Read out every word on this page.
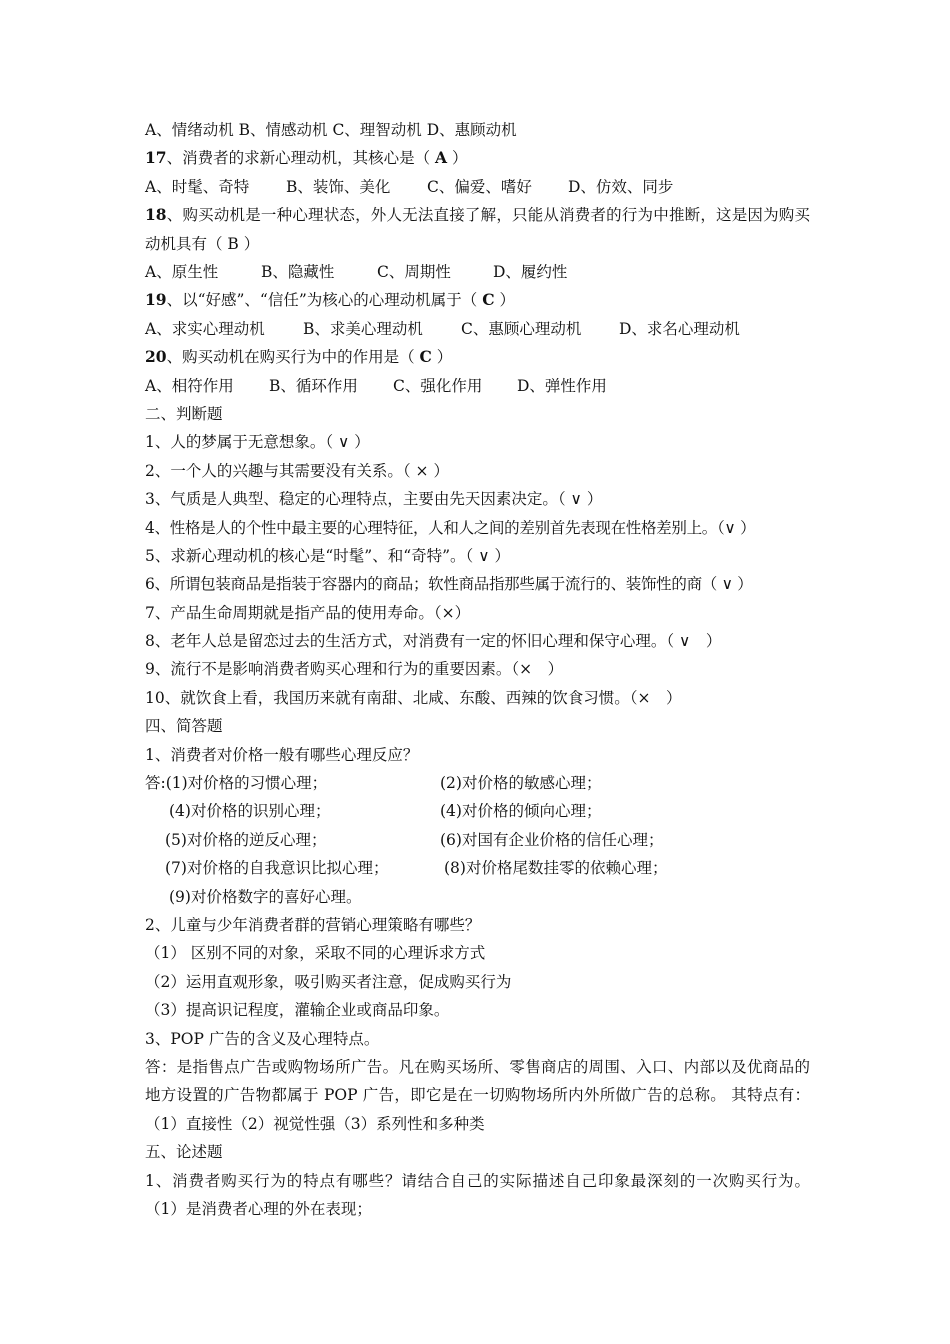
A、情绪动机 B、情感动机 C、理智动机 D、惠顾动机
17、消费者的求新心理动机，其核心是（ A ）
A、时髦、奇特 B、装饰、美化 C、偏爱、嗜好 D、仿效、同步
18、购买动机是一种心理状态，外人无法直接了解，只能从消费者的行为中推断，这是因为购买动机具有（ B ）
A、原生性	B、隐藏性	C、周期性	D、履约性
19、以“好感”、“信任”为核心的心理动机属于（ C ）
A、求实心理动机 B、求美心理动机 C、惠顾心理动机 D、求名心理动机
20、购买动机在购买行为中的作用是（ C ）
A、相符作用 B、循环作用 C、强化作用 D、弹性作用
二、判断题
1、人的梦属于无意想象。（ ∨ ）
2、一个人的兴趣与其需要没有关系。（ × ）
3、气质是人典型、稳定的心理特点，主要由先天因素决定。（ ∨ ）
4、性格是人的个性中最主要的心理特征，人和人之间的差别首先表现在性格差别上。（∨ ）
5、求新心理动机的核心是“时髦”、和“奇特”。（ ∨ ）
6、所谓包装商品是指装于容器内的商品；软性商品指那些属于流行的、装饰性的商（ ∨ ）
7、产品生命周期就是指产品的使用寿命。（×）
8、老年人总是留恋过去的生活方式，对消费有一定的怀旧心理和保守心理。（ ∨　）
9、流行不是影响消费者购买心理和行为的重要因素。（×　）
10、就饮食上看，我国历来就有南甜、北咸、东酸、西辣的饮食习惯。（×　）
四、简答题
1、消费者对价格一般有哪些心理反应？
答:(1)对价格的习惯心理；	(2)对价格的敏感心理；
(4)对价格的识别心理；	(4)对价格的倾向心理；
(5)对价格的逆反心理；	(6)对国有企业价格的信任心理；
(7)对价格的自我意识比拟心理；	(8)对价格尾数挂零的依赖心理；
(9)对价格数字的喜好心理。
2、儿童与少年消费者群的营销心理策略有哪些？
（1） 区别不同的对象，采取不同的心理诉求方式
（2）运用直观形象，吸引购买者注意，促成购买行为
（3）提高识记程度，灌输企业或商品印象。
3、POP 广告的含义及心理特点。
答：是指售点广告或购物场所广告。凡在购买场所、零售商店的周围、入口、内部以及优商品的地方设置的广告物都属于 POP 广告，即它是在一切购物场所内外所做广告的总称。 其特点有：（1）直接性（2）视觉性强（3）系列性和多种类
五、论述题
1、消费者购买行为的特点有哪些？请结合自己的实际描述自己印象最深刻的一次购买行为。 （1）是消费者心理的外在表现；
